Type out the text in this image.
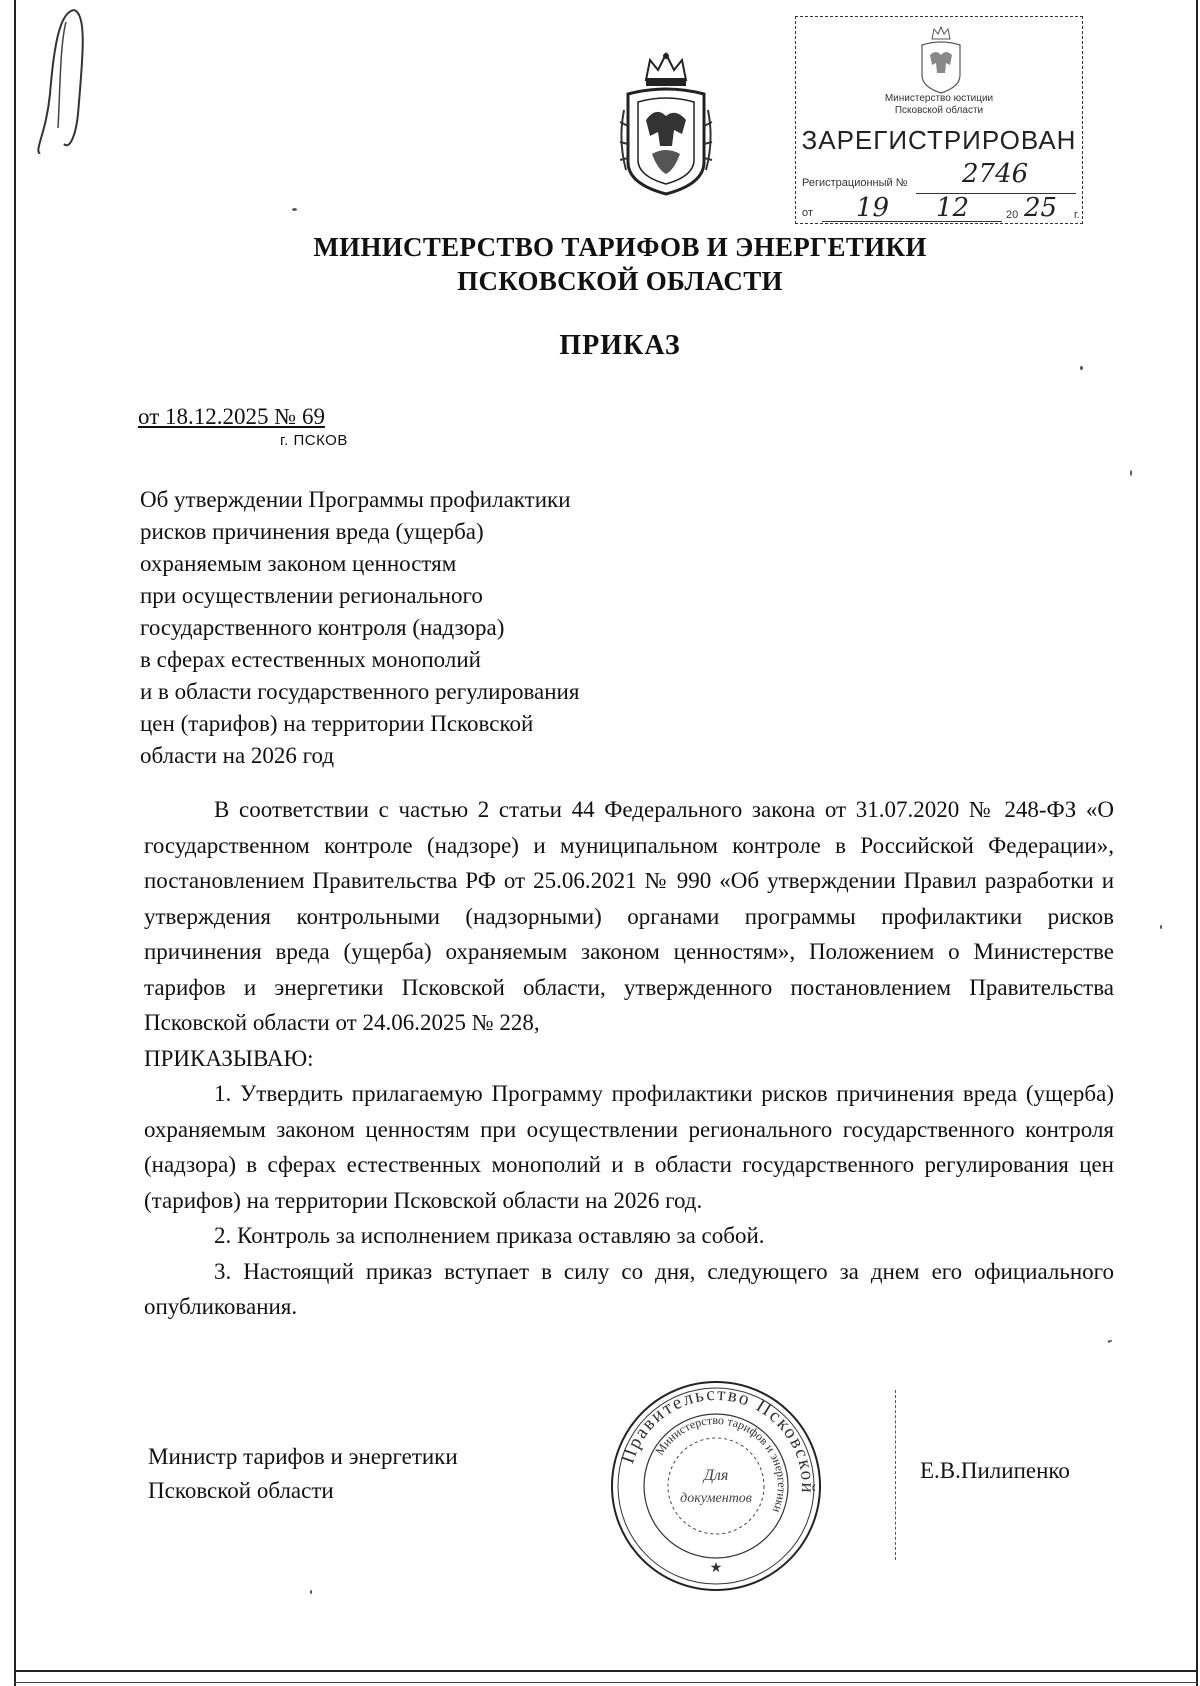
Министерство юстиции
Псковской области
ЗАРЕГИСТРИРОВАН
Регистрационный № 2746
от 19 12	20 25 г.
МИНИСТЕРСТВО ТАРИФОВ И ЭНЕРГЕТИКИ
ПСКОВСКОЙ ОБЛАСТИ
ПРИКАЗ
от 18.12.2025 № 69
г. ПСКОВ
Об утверждении Программы профилактики
рисков причинения вреда (ущерба)
охраняемым законом ценностям
при осуществлении регионального
государственного контроля (надзора)
в сферах естественных монополий
и в области государственного регулирования
цен (тарифов) на территории Псковской
области на 2026 год

В соответствии с частью 2 статьи 44 Федерального закона от 31.07.2020 № 248-ФЗ «О государственном контроле (надзоре) и муниципальном контроле в Российской Федерации», постановлением Правительства РФ от 25.06.2021 № 990 «Об утверждении Правил разработки и утверждения контрольными (надзорными) органами программы профилактики рисков причинения вреда (ущерба) охраняемым законом ценностям», Положением о Министерстве тарифов и энергетики Псковской области, утвержденного постановлением Правительства Псковской области от 24.06.2025 № 228,

ПРИКАЗЫВАЮ:

1. Утвердить прилагаемую Программу профилактики рисков причинения вреда (ущерба) охраняемым законом ценностям при осуществлении регионального государственного контроля (надзора) в сферах естественных монополий и в области государственного регулирования цен (тарифов) на территории Псковской области на 2026 год.

2. Контроль за исполнением приказа оставляю за собой.

3. Настоящий приказ вступает в силу со дня, следующего за днем его официального опубликования.

Министр тарифов и энергетики
Псковской области
Е.В.Пилипенко
Правительство Псковской
Министерство тарифов и энергетики
Для
документов
★
